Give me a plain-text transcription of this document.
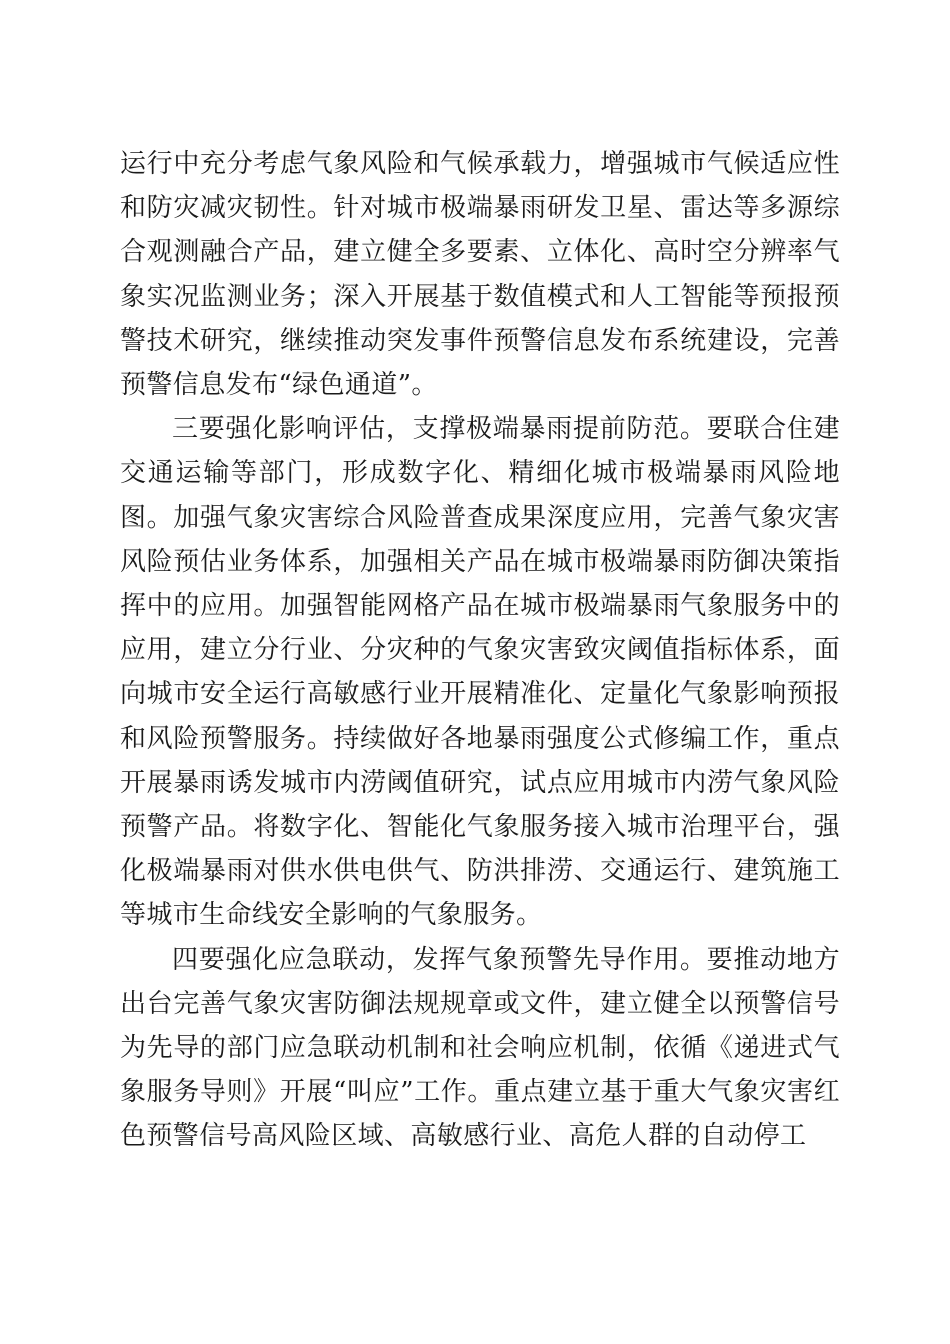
运行中充分考虑气象风险和气候承载力，增强城市气候适应性和防灾减灾韧性。针对城市极端暴雨研发卫星、雷达等多源综合观测融合产品，建立健全多要素、立体化、高时空分辨率气象实况监测业务；深入开展基于数值模式和人工智能等预报预警技术研究，继续推动突发事件预警信息发布系统建设，完善预警信息发布“绿色通道”。

三要强化影响评估，支撑极端暴雨提前防范。要联合住建交通运输等部门，形成数字化、精细化城市极端暴雨风险地图。加强气象灾害综合风险普查成果深度应用，完善气象灾害风险预估业务体系，加强相关产品在城市极端暴雨防御决策指挥中的应用。加强智能网格产品在城市极端暴雨气象服务中的应用，建立分行业、分灾种的气象灾害致灾阈值指标体系，面向城市安全运行高敏感行业开展精准化、定量化气象影响预报和风险预警服务。持续做好各地暴雨强度公式修编工作，重点开展暴雨诱发城市内涝阈值研究，试点应用城市内涝气象风险预警产品。将数字化、智能化气象服务接入城市治理平台，强化极端暴雨对供水供电供气、防洪排涝、交通运行、建筑施工等城市生命线安全影响的气象服务。

四要强化应急联动，发挥气象预警先导作用。要推动地方出台完善气象灾害防御法规规章或文件，建立健全以预警信号为先导的部门应急联动机制和社会响应机制，依循《递进式气象服务导则》开展“叫应”工作。重点建立基于重大气象灾害红色预警信号高风险区域、高敏感行业、高危人群的自动停工
